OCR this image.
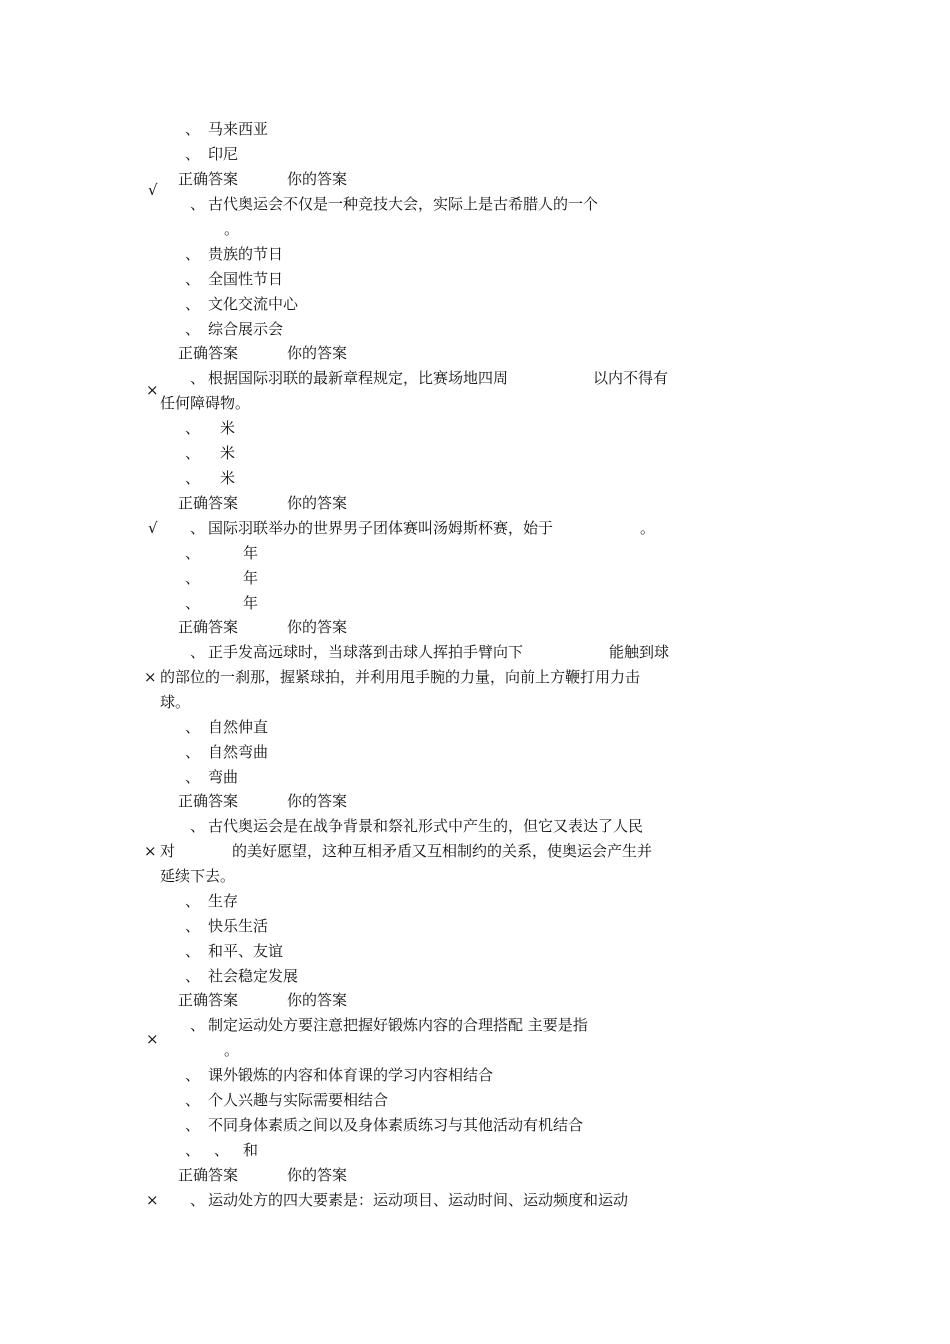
、 马来西亚
、 印尼
正确答案	你的答案
√
、 古代奥运会不仅是一种竞技大会，实际上是古希腊人的一个
。
、 贵族的节日
、 全国性节日
、 文化交流中心
、 综合展示会
正确答案	你的答案
×
、 根据国际羽联的最新章程规定，比赛场地四周	以内不得有
任何障碍物。
、 米
、 米
、 米
正确答案	你的答案
√ 、 国际羽联举办的世界男子团体赛叫汤姆斯杯赛，始于	。
、	年
、	年
、	年
正确答案	你的答案
、 正手发高远球时，当球落到击球人挥拍手臂向下	能触到球
× 的部位的一刹那，握紧球拍，并利用甩手腕的力量，向前上方鞭打用力击
球。
、 自然伸直
、 自然弯曲
、 弯曲
正确答案	你的答案
、 古代奥运会是在战争背景和祭礼形式中产生的，但它又表达了人民
× 对	的美好愿望，这种互相矛盾又互相制约的关系，使奥运会产生并
延续下去。
、 生存
、 快乐生活
、 和平、友谊
、 社会稳定发展
正确答案	你的答案
×
、 制定运动处方要注意把握好锻炼内容的合理搭配 主要是指
。
、 课外锻炼的内容和体育课的学习内容相结合
、 个人兴趣与实际需要相结合
、 不同身体素质之间以及身体素质练习与其他活动有机结合
、 、 和
正确答案	你的答案
× 、 运动处方的四大要素是：运动项目、运动时间、运动频度和运动
